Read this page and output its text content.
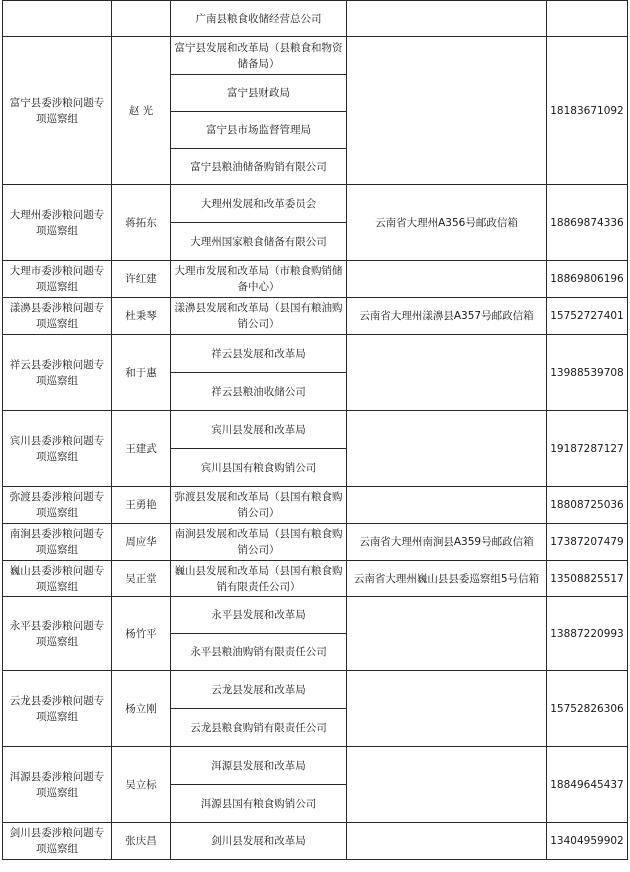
		广南县粮食收储经营总公司		
富宁县委涉粮问题专项巡察组	赵 光	富宁县发展和改革局（县粮食和物资储备局）		18183671092
		富宁县财政局		
		富宁县市场监督管理局		
		富宁县粮油储备购销有限公司		
大理州委涉粮问题专项巡察组	蒋拓东	大理州发展和改革委员会	云南省大理州A356号邮政信箱	18869874336
		大理州国家粮食储备有限公司		
大理市委涉粮问题专项巡察组	许红建	大理市发展和改革局（市粮食购销储备中心）		18869806196
漾濞县委涉粮问题专项巡察组	杜秉琴	漾濞县发展和改革局（县国有粮油购销公司）	云南省大理州漾濞县A357号邮政信箱	15752727401
祥云县委涉粮问题专项巡察组	和于惠	祥云县发展和改革局		13988539708
		祥云县粮油收储公司		
宾川县委涉粮问题专项巡察组	王建武	宾川县发展和改革局		19187287127
		宾川县国有粮食购销公司		
弥渡县委涉粮问题专项巡察组	王勇艳	弥渡县发展和改革局（县国有粮食购销公司）		18808725036
南涧县委涉粮问题专项巡察组	周应华	南涧县发展和改革局（县国有粮食购销公司）	云南省大理州南涧县A359号邮政信箱	17387207479
巍山县委涉粮问题专项巡察组	吴正堂	巍山县发展和改革局（县国有粮食购销有限责任公司）	云南省大理州巍山县县委巡察组5号信箱	13508825517
永平县委涉粮问题专项巡察组	杨竹平	永平县发展和改革局		13887220993
		永平县粮油购销有限责任公司		
云龙县委涉粮问题专项巡察组	杨立刚	云龙县发展和改革局		15752826306
		云龙县粮食购销有限责任公司		
洱源县委涉粮问题专项巡察组	吴立标	洱源县发展和改革局		18849645437
		洱源县国有粮食购销公司		
剑川县委涉粮问题专项巡察组	张庆昌	剑川县发展和改革局		13404959902
